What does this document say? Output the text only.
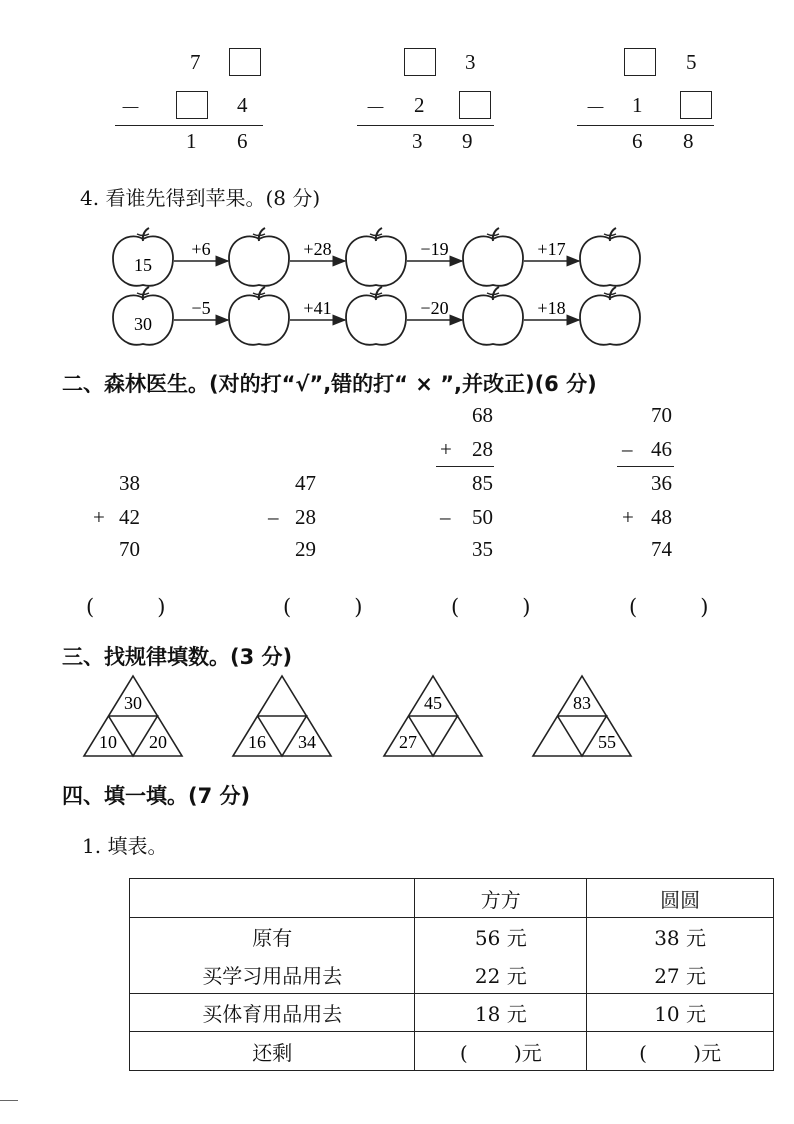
7
－	4
1 6
3
－ 2
3 9
5
－ 1
6 8
4. 看谁先得到苹果。(8 分)
15
+6	+28	−19	+17
30
−5	+41	−20	+18
二、森林医生。(对的打“√”,错的打“ × ”,并改正)(6 分)
38
+ 42
70
(　　　)
47
– 28
29
(　　　)
68
+ 28
85
– 50
35
(　　　)
70
– 46
36
+ 48
74
(　　　)
三、找规律填数。(3 分)
30
10 20	16 34
45
27
83
55
四、填一填。(7 分)
1. 填表。
	方方	圆圆
原有	56 元	38 元
买学习用品用去	22 元	27 元
买体育用品用去	18 元	10 元
还剩	(　　 )元	(　　 )元
